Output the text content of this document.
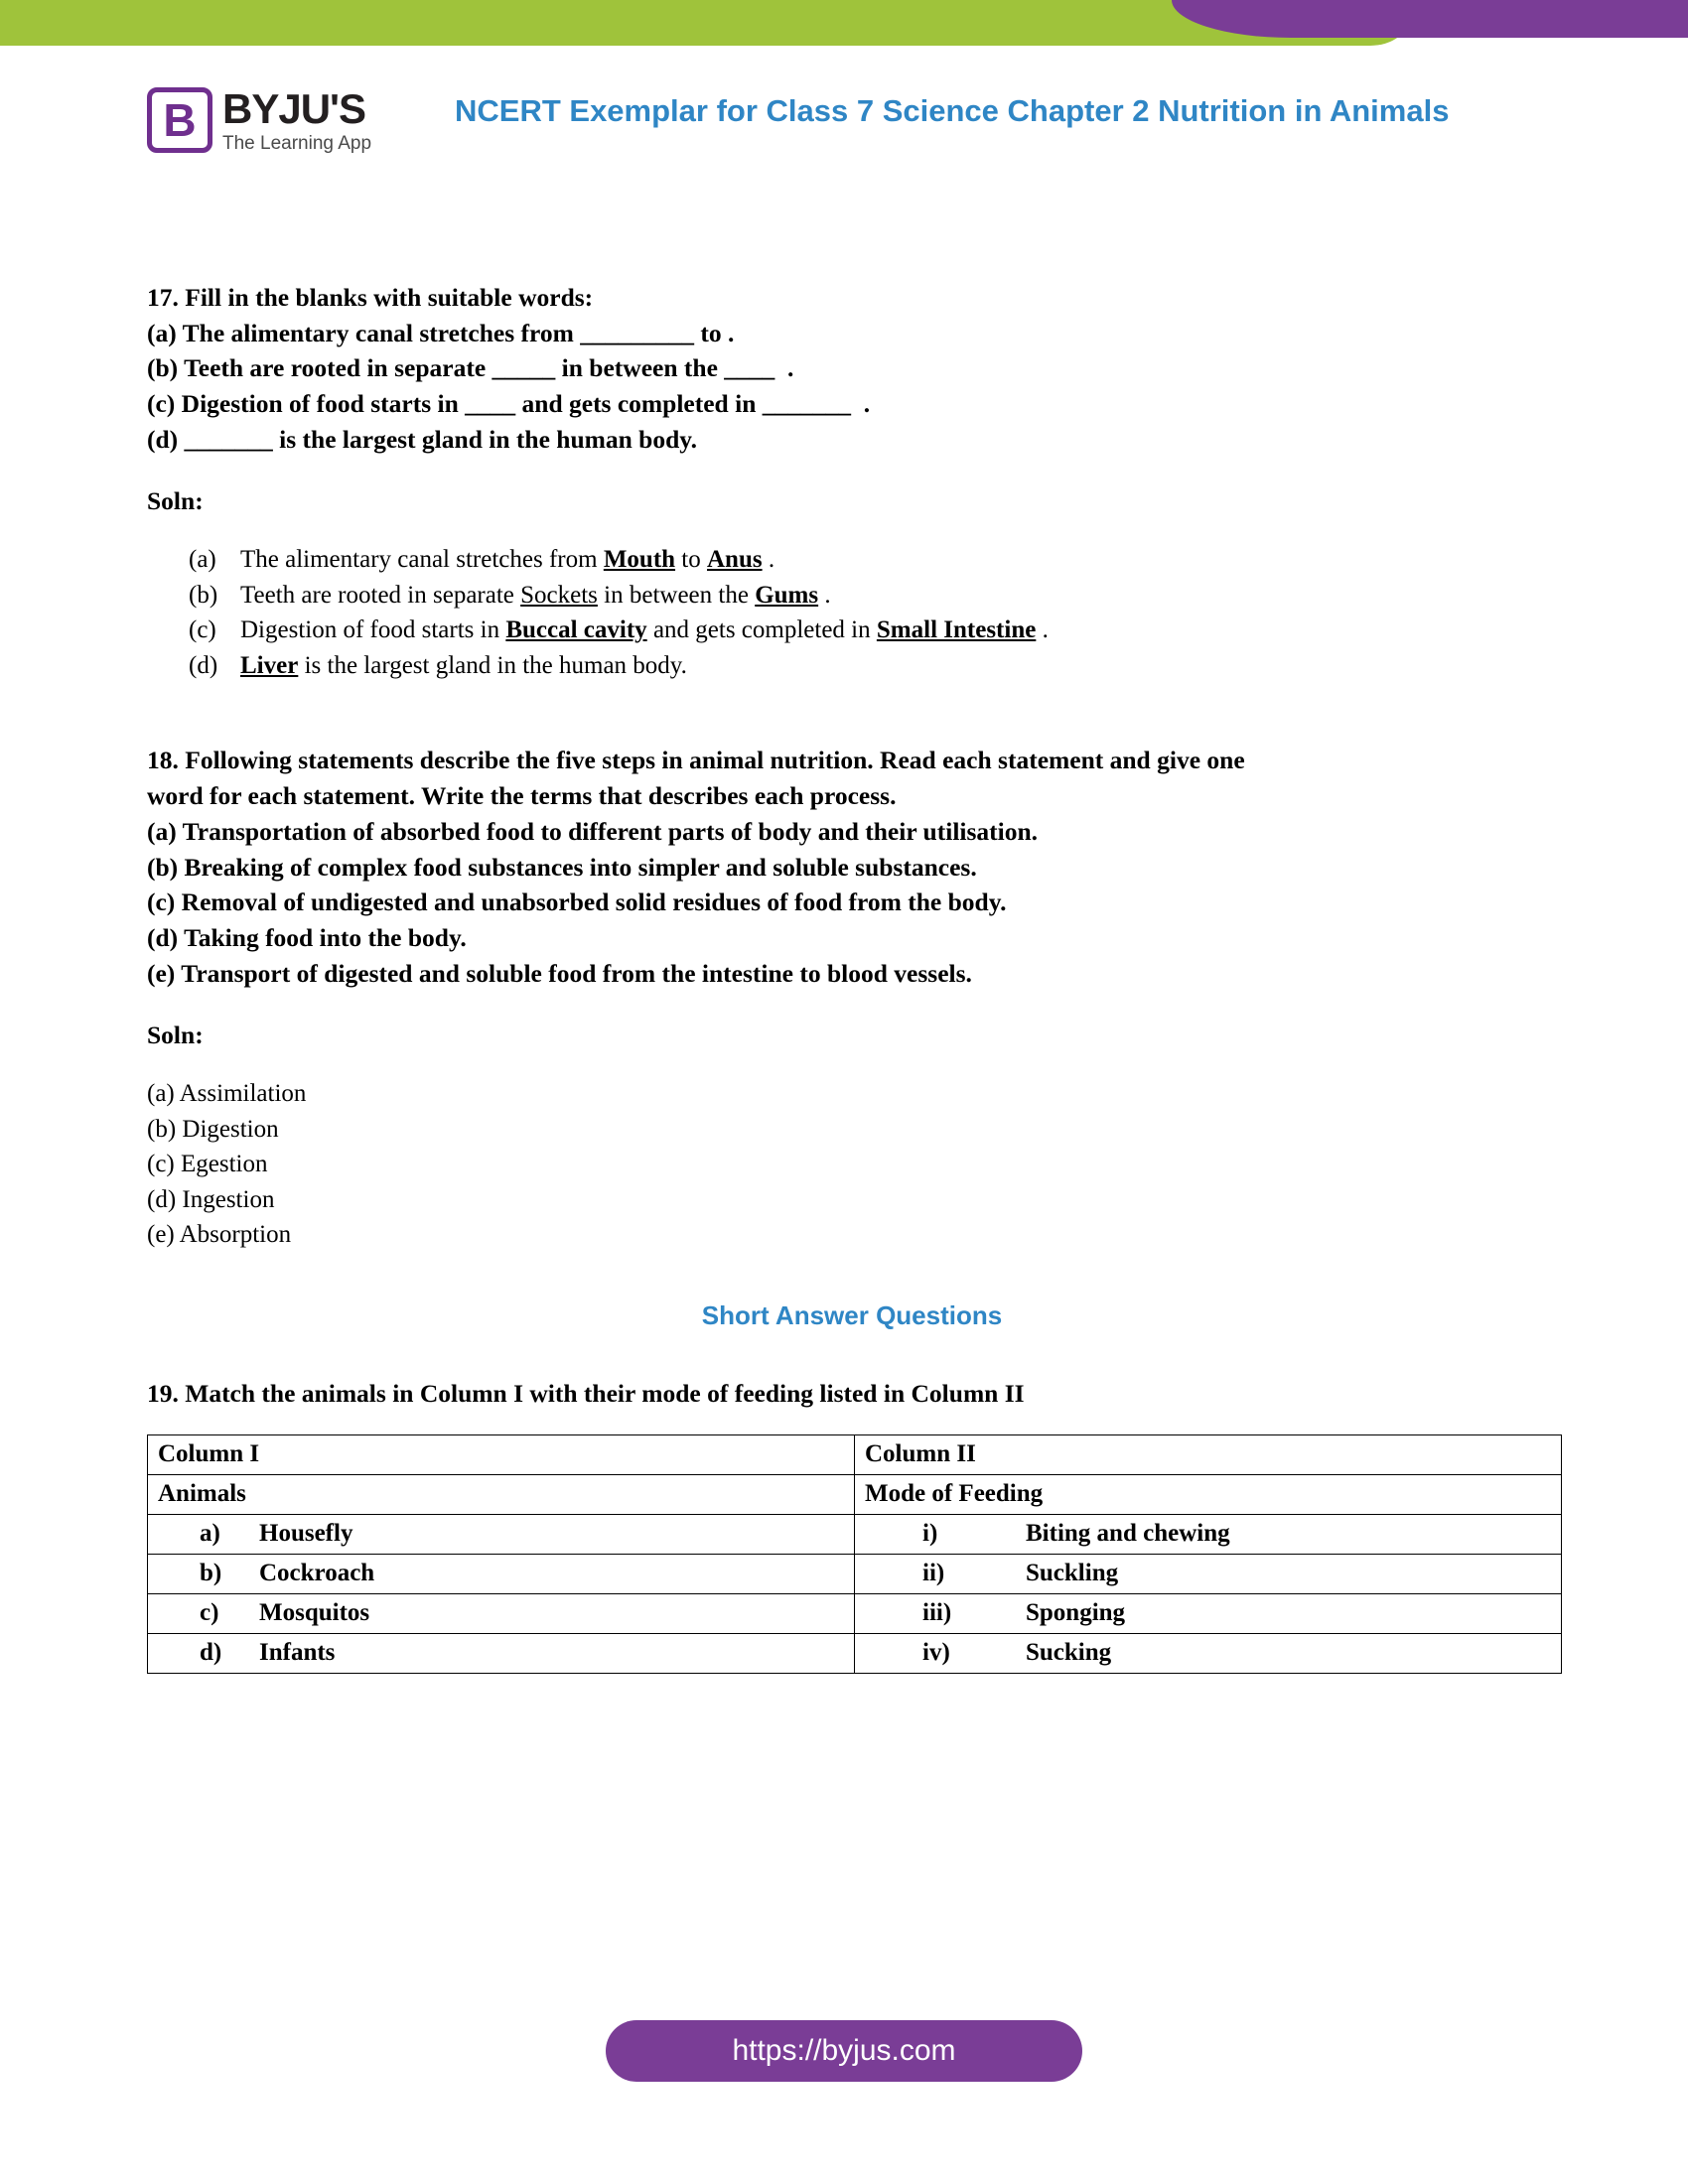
B BYJU'S
The Learning App
NCERT Exemplar for Class 7 Science Chapter 2 Nutrition in Animals
17. Fill in the blanks with suitable words:
(a) The alimentary canal stretches from _________ to .
(b) Teeth are rooted in separate _____ in between the ____  .
(c) Digestion of food starts in ____ and gets completed in _______  .
(d) _______ is the largest gland in the human body.
Soln:
(a) The alimentary canal stretches from Mouth to Anus .
(b) Teeth are rooted in separate Sockets in between the Gums .
(c) Digestion of food starts in Buccal cavity and gets completed in Small Intestine .
(d) Liver is the largest gland in the human body.
18. Following statements describe the five steps in animal nutrition. Read each statement and give one
word for each statement. Write the terms that describes each process.
(a) Transportation of absorbed food to different parts of body and their utilisation.
(b) Breaking of complex food substances into simpler and soluble substances.
(c) Removal of undigested and unabsorbed solid residues of food from the body.
(d) Taking food into the body.
(e) Transport of digested and soluble food from the intestine to blood vessels.
Soln:
(a) Assimilation
(b) Digestion
(c) Egestion
(d) Ingestion
(e) Absorption
Short Answer Questions
19. Match the animals in Column I with their mode of feeding listed in Column II
Column I	Column II
Animals	Mode of Feeding
a) Housefly	i) Biting and chewing
b) Cockroach	ii) Suckling
c) Mosquitos	iii) Sponging
d) Infants	iv) Sucking
https://byjus.com
